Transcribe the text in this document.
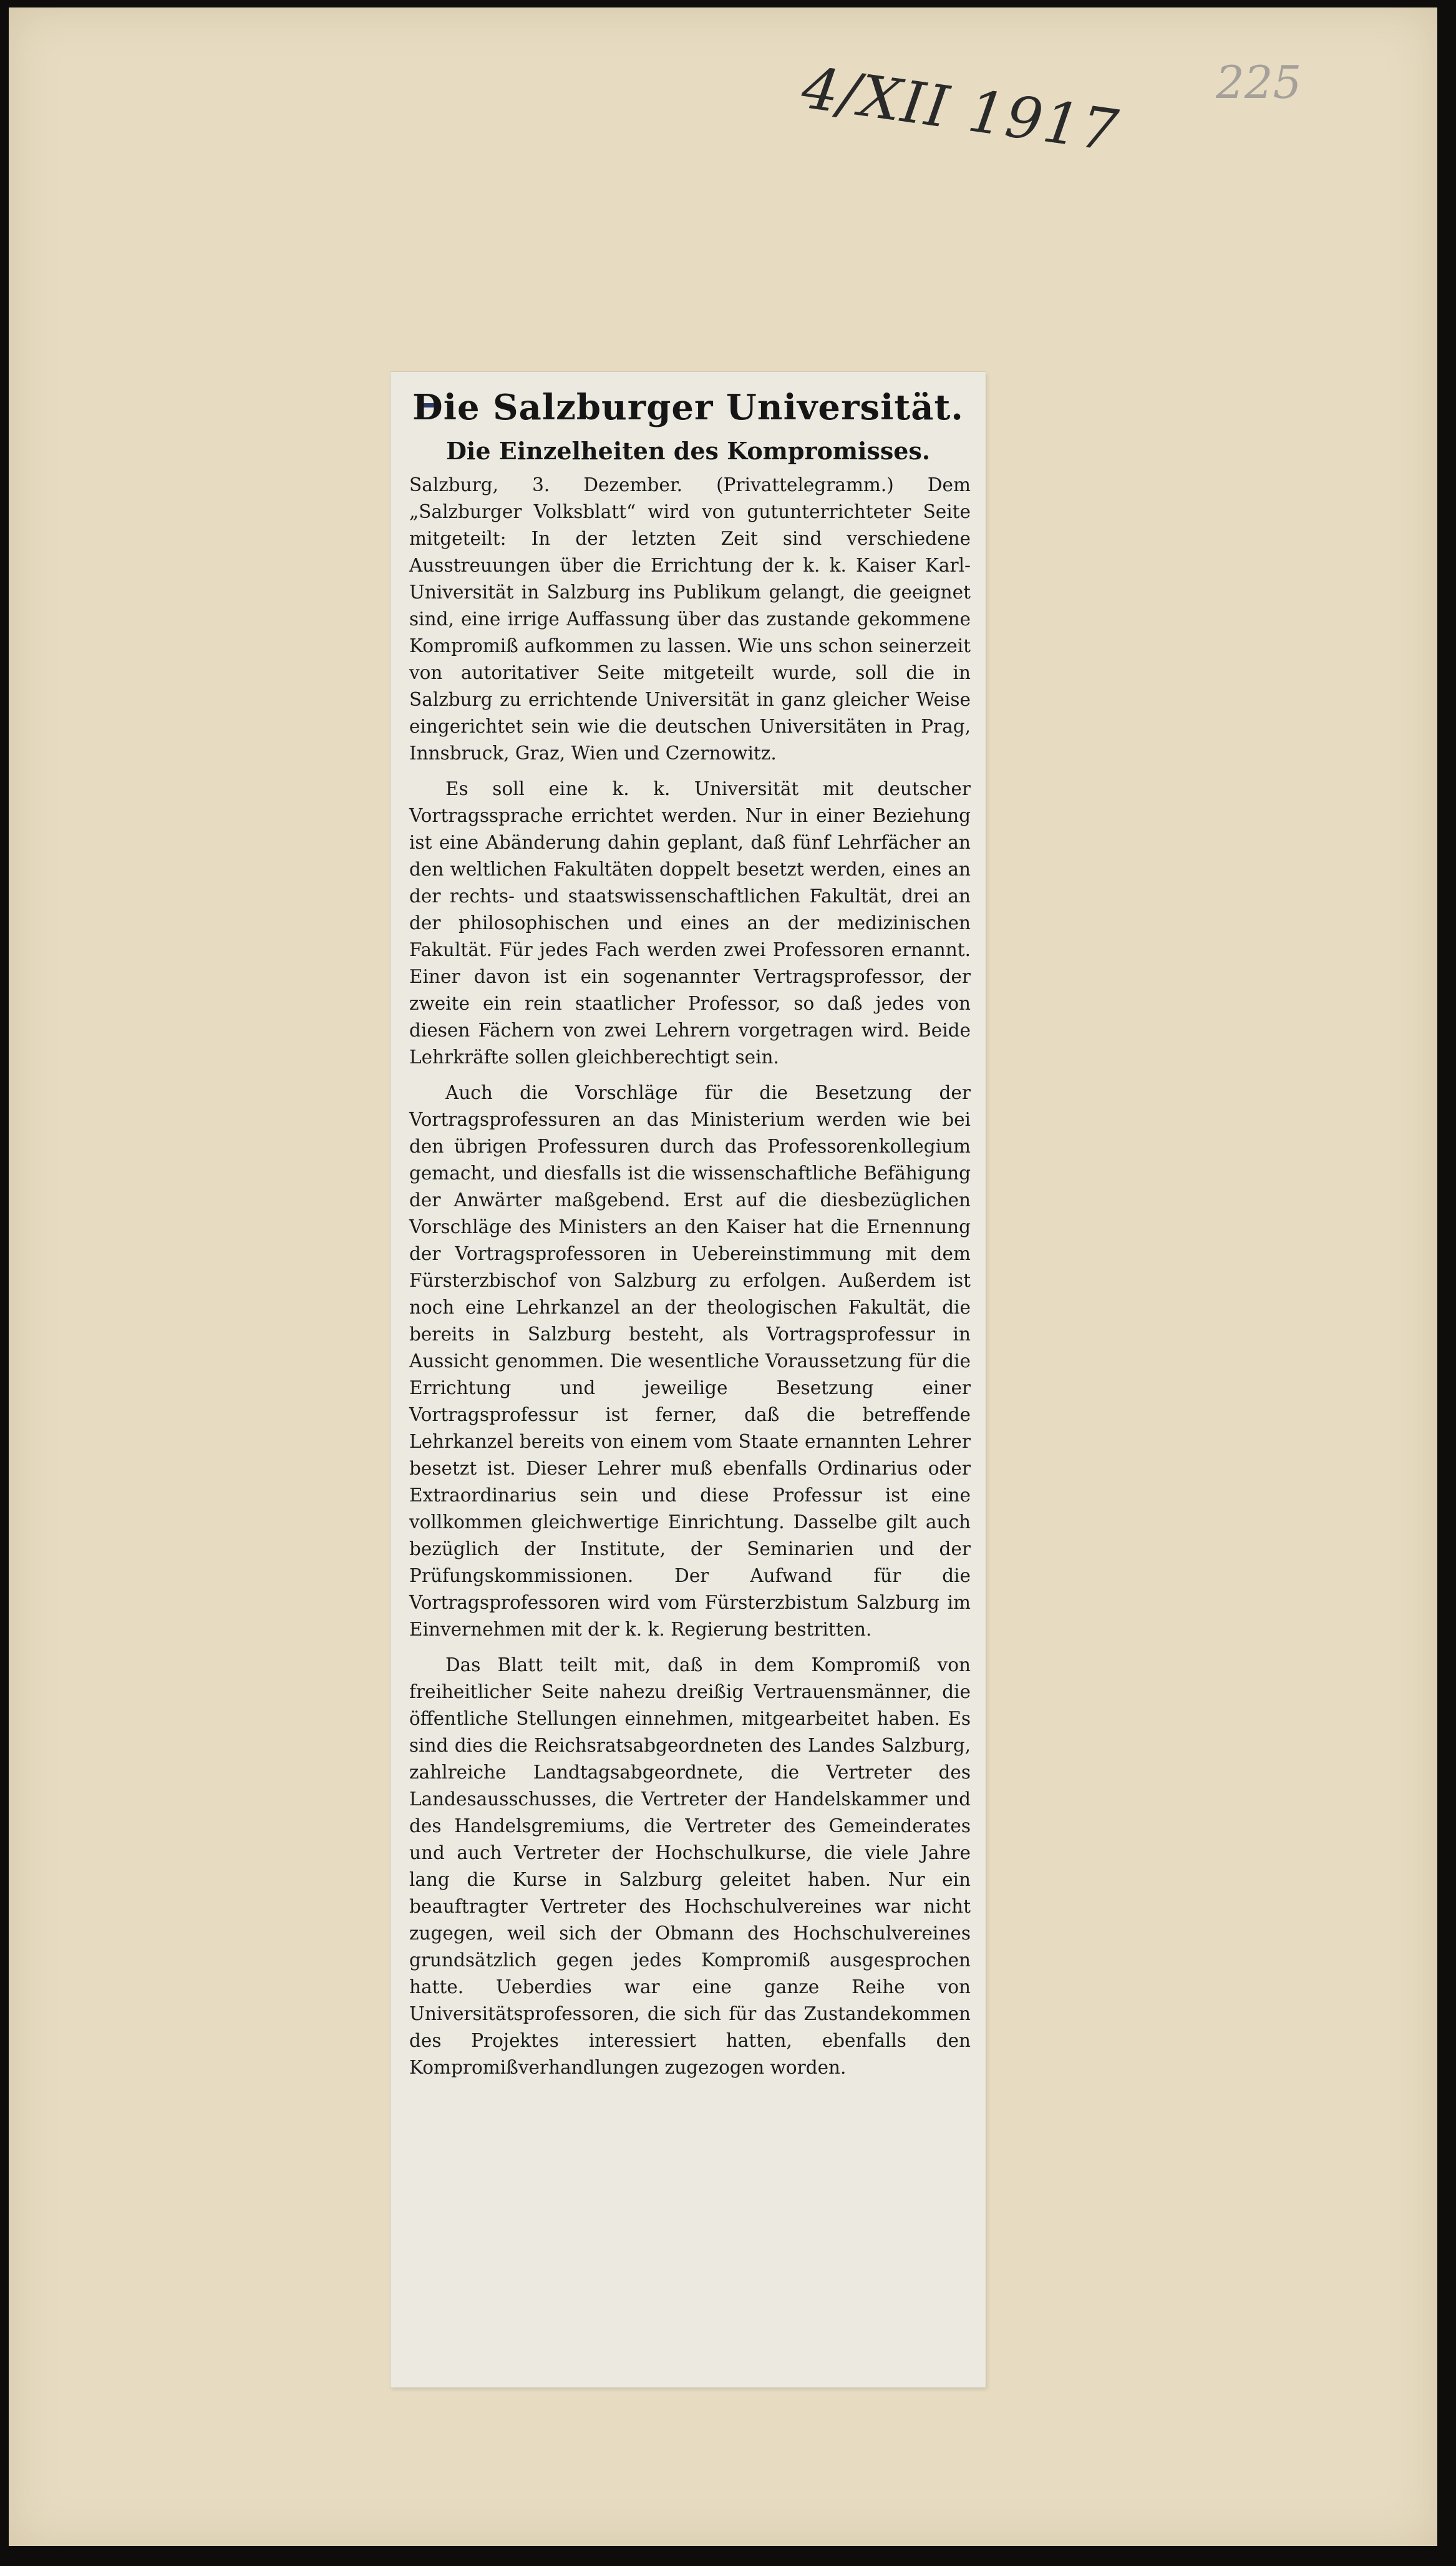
4/XII 1917 225
Die Salzburger Universität.
Die Einzelheiten des Kompromisses.

Salzburg, 3. Dezember. (Privattelegramm.) Dem „Salzburger Volksblatt“ wird von gutunterrichteter Seite mitgeteilt: In der letzten Zeit sind verschiedene Ausstreuungen über die Errichtung der k. k. Kaiser Karl-Universität in Salzburg ins Publikum gelangt, die geeignet sind, eine irrige Auffassung über das zustande gekommene Kompromiß aufkommen zu lassen. Wie uns schon seinerzeit von autoritativer Seite mitgeteilt wurde, soll die in Salzburg zu errichtende Universität in ganz gleicher Weise eingerichtet sein wie die deutschen Universitäten in Prag, Innsbruck, Graz, Wien und Czernowitz.

Es soll eine k. k. Universität mit deutscher Vortragssprache errichtet werden. Nur in einer Beziehung ist eine Abänderung dahin geplant, daß fünf Lehrfächer an den weltlichen Fakultäten doppelt besetzt werden, eines an der rechts- und staatswissenschaftlichen Fakultät, drei an der philosophischen und eines an der medizinischen Fakultät. Für jedes Fach werden zwei Professoren ernannt. Einer davon ist ein sogenannter Vertragsprofessor, der zweite ein rein staatlicher Professor, so daß jedes von diesen Fächern von zwei Lehrern vorgetragen wird. Beide Lehrkräfte sollen gleichberechtigt sein.

Auch die Vorschläge für die Besetzung der Vortragsprofessuren an das Ministerium werden wie bei den übrigen Professuren durch das Professorenkollegium gemacht, und diesfalls ist die wissenschaftliche Befähigung der Anwärter maßgebend. Erst auf die diesbezüglichen Vorschläge des Ministers an den Kaiser hat die Ernennung der Vortragsprofessoren in Uebereinstimmung mit dem Fürsterzbischof von Salzburg zu erfolgen. Außerdem ist noch eine Lehrkanzel an der theologischen Fakultät, die bereits in Salzburg besteht, als Vortragsprofessur in Aussicht genommen. Die wesentliche Voraussetzung für die Errichtung und jeweilige Besetzung einer Vortragsprofessur ist ferner, daß die betreffende Lehrkanzel bereits von einem vom Staate ernannten Lehrer besetzt ist. Dieser Lehrer muß ebenfalls Ordinarius oder Extraordinarius sein und diese Professur ist eine vollkommen gleichwertige Einrichtung. Dasselbe gilt auch bezüglich der Institute, der Seminarien und der Prüfungskommissionen. Der Aufwand für die Vortragsprofessoren wird vom Fürsterzbistum Salzburg im Einvernehmen mit der k. k. Regierung bestritten.

Das Blatt teilt mit, daß in dem Kompromiß von freiheitlicher Seite nahezu dreißig Vertrauensmänner, die öffentliche Stellungen einnehmen, mitgearbeitet haben. Es sind dies die Reichsratsabgeordneten des Landes Salzburg, zahlreiche Landtagsabgeordnete, die Vertreter des Landesausschusses, die Vertreter der Handelskammer und des Handelsgremiums, die Vertreter des Gemeinderates und auch Vertreter der Hochschulkurse, die viele Jahre lang die Kurse in Salzburg geleitet haben. Nur ein beauftragter Vertreter des Hochschulvereines war nicht zugegen, weil sich der Obmann des Hochschulvereines grundsätzlich gegen jedes Kompromiß ausgesprochen hatte. Ueberdies war eine ganze Reihe von Universitätsprofessoren, die sich für das Zustandekommen des Projektes interessiert hatten, ebenfalls den Kompromißverhandlungen zugezogen worden.
